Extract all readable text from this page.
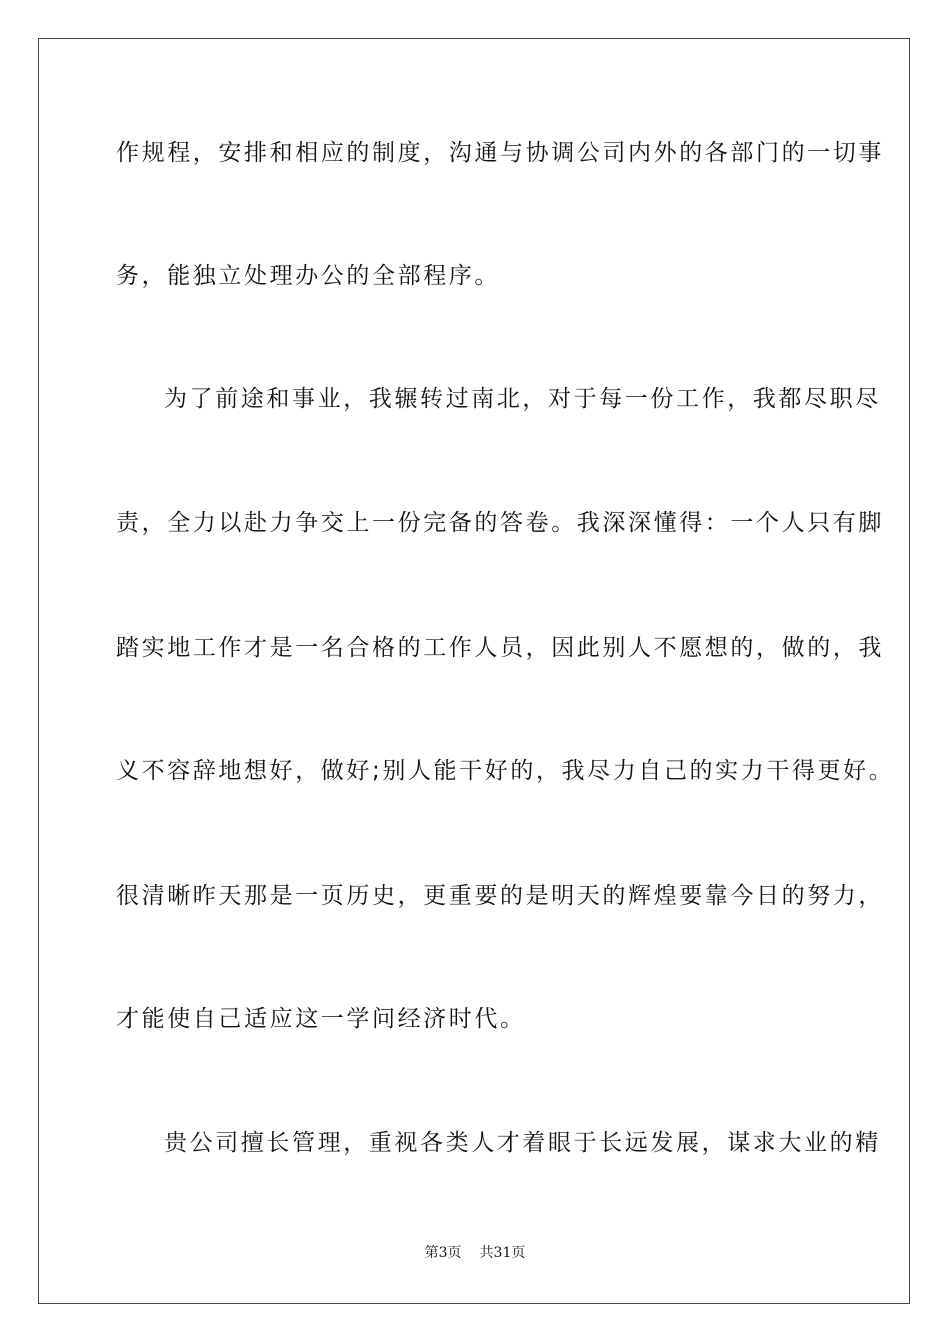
作规程，安排和相应的制度，沟通与协调公司内外的各部门的一切事
务，能独立处理办公的全部程序。
为了前途和事业，我辗转过南北，对于每一份工作，我都尽职尽
责，全力以赴力争交上一份完备的答卷。我深深懂得：一个人只有脚
踏实地工作才是一名合格的工作人员，因此别人不愿想的，做的，我
义不容辞地想好，做好;别人能干好的，我尽力自己的实力干得更好。
很清晰昨天那是一页历史，更重要的是明天的辉煌要靠今日的努力，
才能使自己适应这一学问经济时代。
贵公司擅长管理，重视各类人才着眼于长远发展，谋求大业的精
第3页 共31页
